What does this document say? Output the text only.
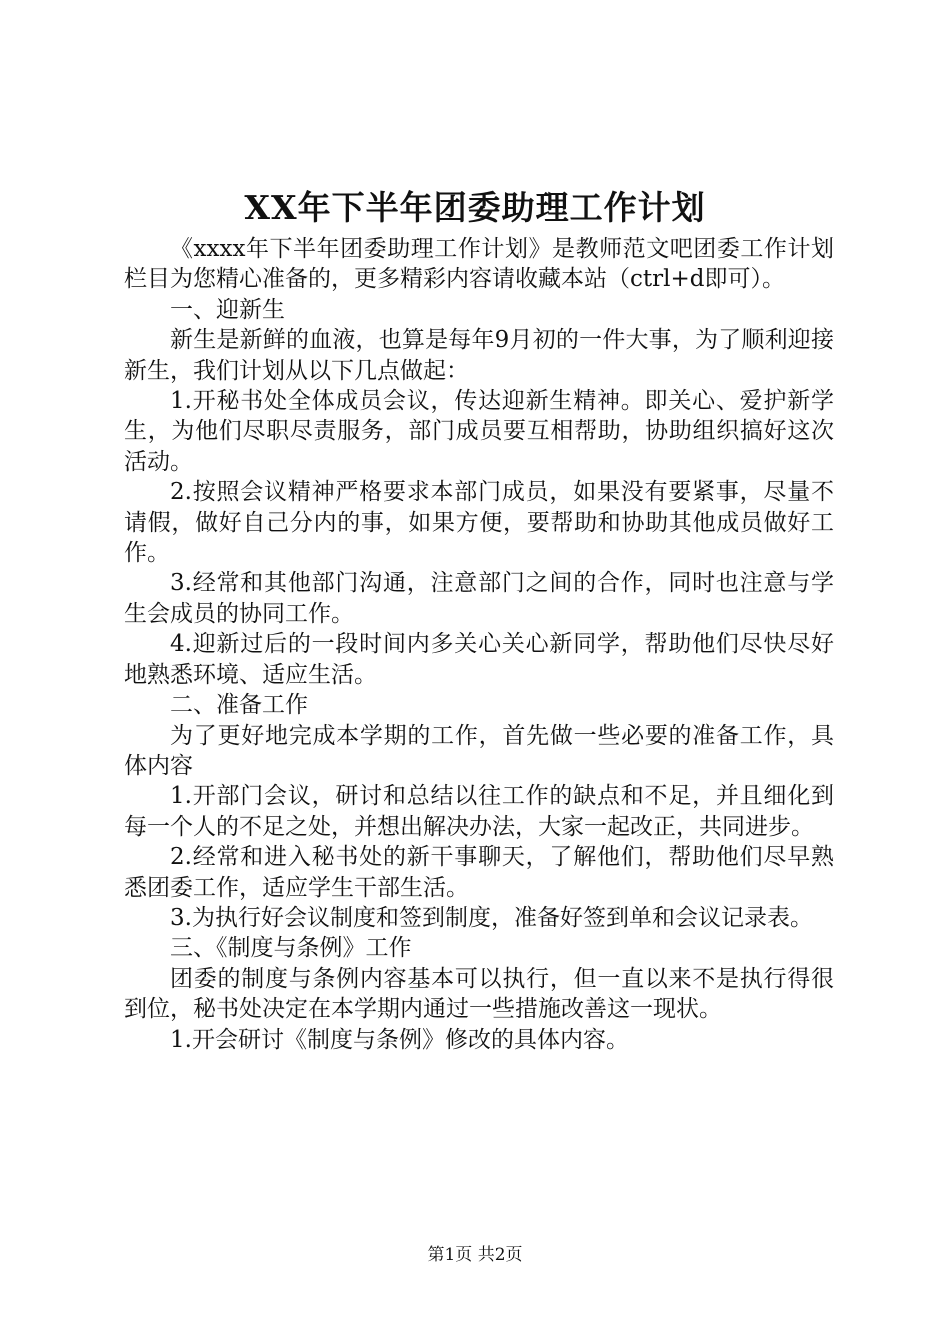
XX年下半年团委助理工作计划

《xxxx年下半年团委助理工作计划》是教师范文吧团委工作计划栏目为您精心准备的，更多精彩内容请收藏本站（ctrl+d即可）。

一、迎新生

新生是新鲜的血液，也算是每年9月初的一件大事，为了顺利迎接新生，我们计划从以下几点做起：

1.开秘书处全体成员会议，传达迎新生精神。即关心、爱护新学生，为他们尽职尽责服务，部门成员要互相帮助，协助组织搞好这次活动。

2.按照会议精神严格要求本部门成员，如果没有要紧事，尽量不请假，做好自己分内的事，如果方便，要帮助和协助其他成员做好工作。

3.经常和其他部门沟通，注意部门之间的合作，同时也注意与学生会成员的协同工作。

4.迎新过后的一段时间内多关心关心新同学，帮助他们尽快尽好地熟悉环境、适应生活。

二、准备工作

为了更好地完成本学期的工作，首先做一些必要的准备工作，具体内容

1.开部门会议，研讨和总结以往工作的缺点和不足，并且细化到每一个人的不足之处，并想出解决办法，大家一起改正，共同进步。

2.经常和进入秘书处的新干事聊天，了解他们，帮助他们尽早熟悉团委工作，适应学生干部生活。

3.为执行好会议制度和签到制度，准备好签到单和会议记录表。

三、《制度与条例》工作

团委的制度与条例内容基本可以执行，但一直以来不是执行得很到位，秘书处决定在本学期内通过一些措施改善这一现状。

1.开会研讨《制度与条例》修改的具体内容。

第1页 共2页
